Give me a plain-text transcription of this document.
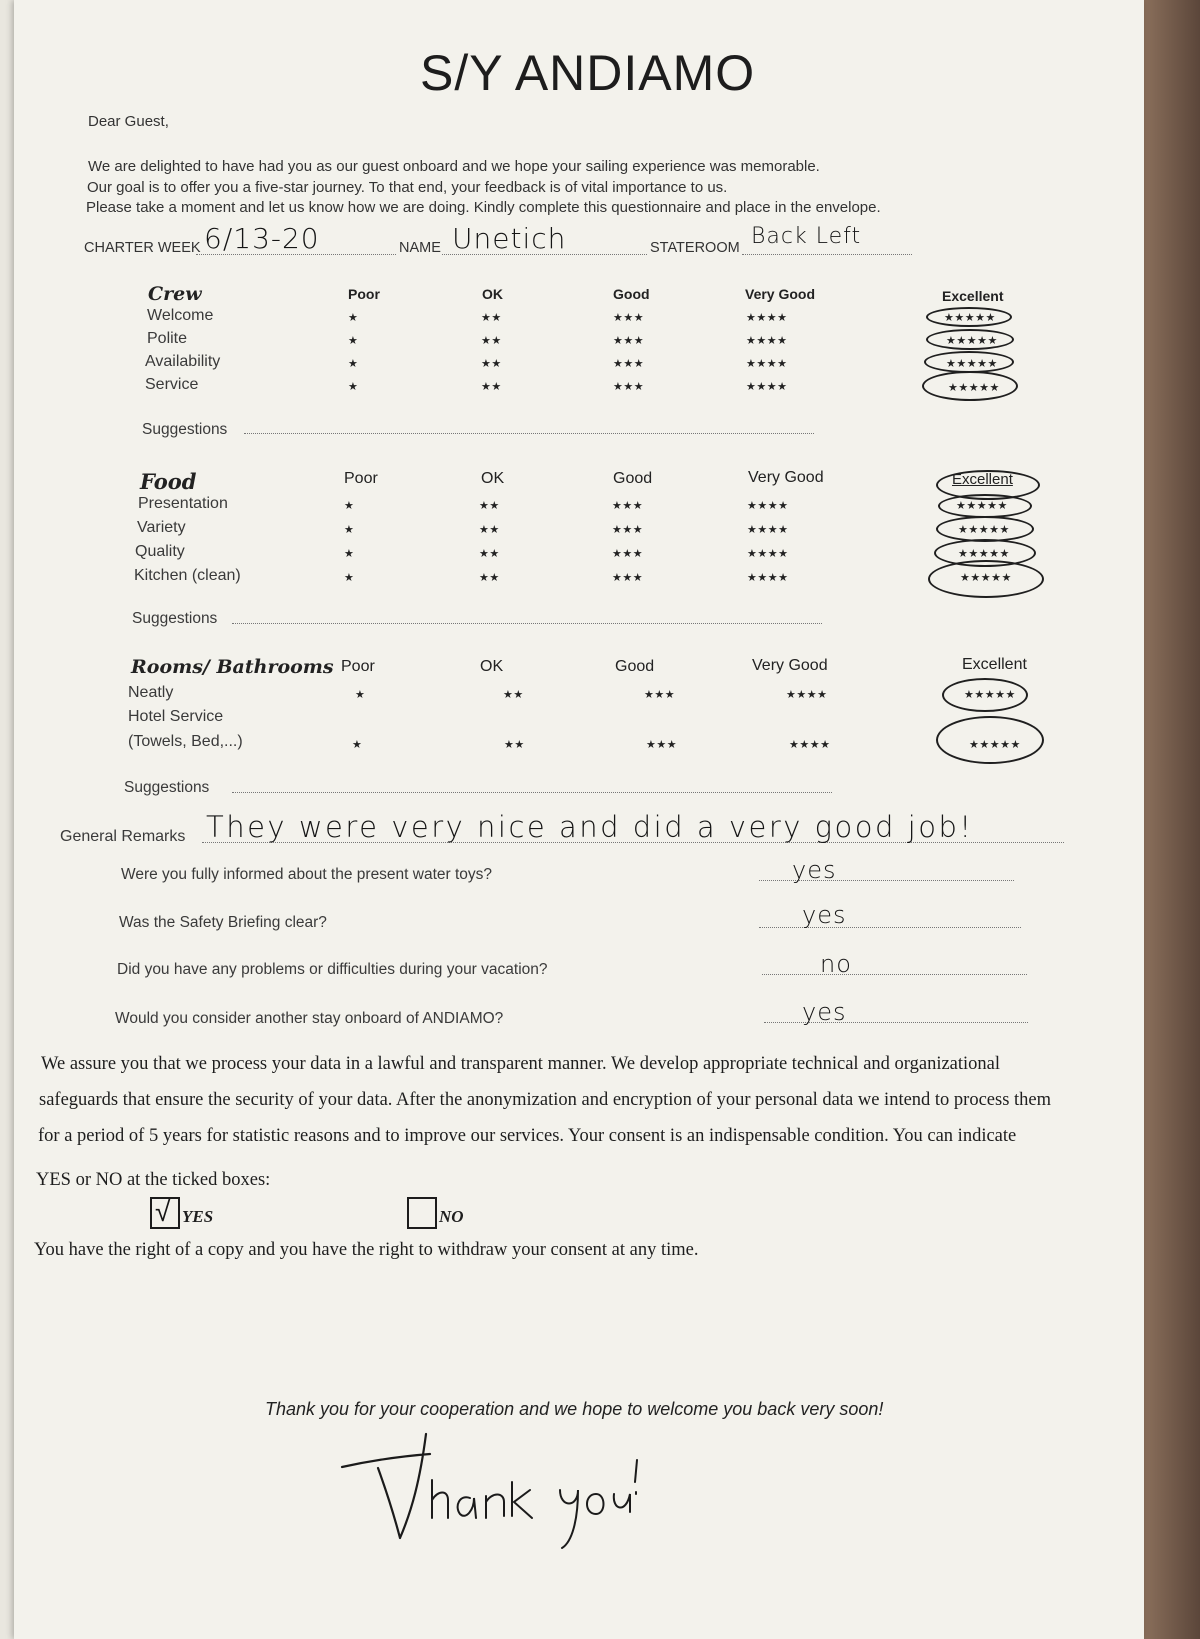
S/Y ANDIAMO
Dear Guest,
We are delighted to have had you as our guest onboard and we hope your sailing experience was memorable.
Our goal is to offer you a five-star journey. To that end, your feedback is of vital importance to us.
Please take a moment and let us know how we are doing. Kindly complete this questionnaire and place in the envelope.
CHARTER WEEK 6/13-20	NAME Unetich	STATEROOM Back Left
Crew	Poor	OK	Good	Very Good	Excellent
Welcome	★	★★	★★★	★★★★	★★★★★
Polite	★	★★	★★★	★★★★	★★★★★
Availability	★	★★	★★★	★★★★	★★★★★
Service	★	★★	★★★	★★★★	★★★★★
Suggestions
Food	Poor	OK	Good	Very Good	Excellent
Presentation	★	★★	★★★	★★★★	★★★★★
Variety	★	★★	★★★	★★★★	★★★★★
Quality	★	★★	★★★	★★★★	★★★★★
Kitchen (clean)	★	★★	★★★	★★★★	★★★★★
Suggestions
Rooms/ Bathrooms Poor	OK	Good	Very Good	Excellent
Neatly	★	★★	★★★	★★★★	★★★★★
Hotel Service
(Towels, Bed,...)	★	★★	★★★	★★★★	★★★★★
Suggestions
General Remarks They were very nice and did a very good job!
Were you fully informed about the present water toys?	yes
Was the Safety Briefing clear?	yes
Did you have any problems or difficulties during your vacation?	no
Would you consider another stay onboard of ANDIAMO?	yes
We assure you that we process your data in a lawful and transparent manner. We develop appropriate technical and organizational
safeguards that ensure the security of your data. After the anonymization and encryption of your personal data we intend to process them
for a period of 5 years for statistic reasons and to improve our services. Your consent is an indispensable condition. You can indicate
YES or NO at the ticked boxes:
√ YES	NO
You have the right of a copy and you have the right to withdraw your consent at any time.
Thank you for your cooperation and we hope to welcome you back very soon!
